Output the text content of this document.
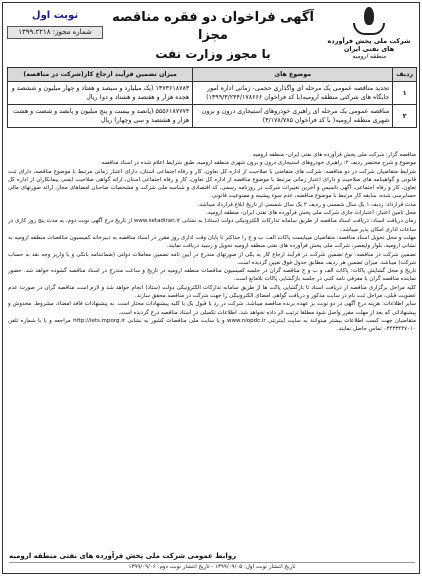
شرکت ملی پخش فرآورده های نفتی ایران
منطقه ارومیه
آگهی فراخوان دو فقره مناقصه مجزا
با مجوز وزارت نفت
نوبت اول
شماره مجوز: ۱۳۹۹.۲۲۱۸
ردیف	موضوع های	میزان تضمین فرآیند ارجاع کار(شرکت در مناقصه)
۱	تجدید مناقصه عمومی یک مرحله ای واگذاری حجمی- زمانی اداره امور جایگاه های شرکتی منطقه ارومیه(با کد فراخوان ۱۳۹۹/۳/۲۴۴/۱۷۸۶۶۶)	۱۳۷۳۶۱۸۷۸۳ (یک میلیارد و سیصد و هفتاد و چهار میلیون و ششصد و هجده هزار و هفتصد و هشتاد و دو) ریال
۲	مناقصه عمومی یک مرحله ای راهبری خودروهای استیجاری درون و برون شهری منطقه ارومیه( با کد فراخوان ۳/۱۷۸/۷۸۵)	۵۵۵۶۱۸۷۷۷۴ (پانصد و بیست و پنج میلیون و پانصد و شصت و هشت هزار و هشتصد و سی وچهار) ریال

مناقصه گزار: شرکت ملی پخش فرآورده های نفتی ایران- منطقه ارومیه

موضوع و شرح مختصر ردیف ۲: راهبری خودروهای استیجاری درون و برون شهری منطقه ارومیه، طبق شرایط اعلام شده در اسناد مناقصه.

شرایط متقاضیان شرکت در دو مناقصه: شرکت های متقاضی با صلاحیت از اداره کل تعاون، کار و رفاه اجتماعی استان، دارای اعتبار زمانی مرتبط با موضوع مناقصه، دارای ثبت قانونی و گواهینامه های صلاحیت و دارای اعتبار زمانی مرتبط با موضوع مناقصه از اداره کل تعاون، کار و رفاه اجتماعی استان، ارائه گواهی صلاحیت ایمنی پیمانکاران از اداره کل تعاون، کار و رفاه اجتماعی، آگهی تاسیس و آخرین تغییرات شرکت در روزنامه رسمی، کد اقتصادی و شناسه ملی شرکت و مشخصات صاحبان امضاهای مجاز، ارائه صورتهای مالی حسابرسی شده، سابقه کار مرتبط با موضوع مناقصه، عدم سوء پیشینه و ممنوعیت قانونی.

مدت قرارداد: ردیف ۱ یک سال شمسی و ردیف ۲ یک سال شمسی از تاریخ ابلاغ قرارداد میباشد.

محل تامین اعتبار: اعتبارات جاری شرکت ملی پخش فرآورده های نفتی ایران- منطقه ارومیه.

زمان دریافت اسناد: دریافت اسناد مناقصه از طریق سامانه تدارکات الکترونیکی دولت (ستاد) به نشانی www.setadiran.ir از تاریخ درج آگهی نوبت دوم، به مدت پنج روز کاری در ساعات اداری امکان پذیر میباشد.

مهلت و محل تحویل اسناد مناقصه: متقاضیان میبایست پاکات الف، ب و ج را حداکثر تا پایان وقت اداری روز مقرر در اسناد مناقصه به دبیرخانه کمیسیون مناقصات منطقه ارومیه به نشانی ارومیه، بلوار ولیعصر، شرکت ملی پخش فرآورده های نفتی منطقه ارومیه تحویل و رسید دریافت نمایند.

تضمین شرکت در مناقصه: نوع تضمین شرکت در فرآیند ارجاع کار به یکی از صورتهای مندرج در آیین نامه تضمین معاملات دولتی (ضمانتنامه بانکی و یا واریز وجه نقد به حساب شرکت) میباشد. میزان تضمین هر ردیف مطابق جدول فوق تعیین گردیده است.

تاریخ و محل گشایش پاکات: پاکات الف و ب و ج مناقصه گران در جلسه کمیسیون مناقصات منطقه ارومیه در تاریخ و ساعت مندرج در اسناد مناقصه گشوده خواهد شد. حضور نماینده مناقصه گران با معرفی نامه کتبی در جلسه بازگشایی پاکات بلامانع است.

کلیه مراحل برگزاری مناقصه از دریافت اسناد تا بازگشایی پاکت ها از طریق سامانه تدارکات الکترونیکی دولت (ستاد) انجام خواهد شد و لازم است مناقصه گران در صورت عدم عضویت قبلی، مراحل ثبت نام در سایت مذکور و دریافت گواهی امضای الکترونیکی را جهت شرکت در مناقصه محقق سازند.

سایر اطلاعات: هزینه درج آگهی در دو نوبت بر عهده برنده مناقصه میباشد. شرکت در رد یا قبول یک یا کلیه پیشنهادات مختار است. به پیشنهادات فاقد امضاء، مشروط، مخدوش و پیشنهاداتی که بعد از مهلت مقرر واصل شود مطلقا ترتیب اثر داده نخواهد شد. اطلاعات تکمیلی در اسناد مناقصه درج گردیده است.

متقاضیان جهت کسب اطلاعات بیشتر میتوانند به سایت اینترنتی www.niopdc.ir و یا سایت ملی مناقصات کشور به نشانی http://iets.mporg.ir مراجعه و یا با شماره تلفن ۰۴۴۳۳۴۴۷۰۱۰ تماس حاصل نمایند.

روابط عمومی شرکت ملی پخش فرآورده های نفتی منطقه ارومیه
تاریخ انتشار نوبت اول: ۱۳۹۹/۰۹/۰۵ - تاریخ انتشار نوبت دوم: ۱۳۹۹/۰۹/۰۶
